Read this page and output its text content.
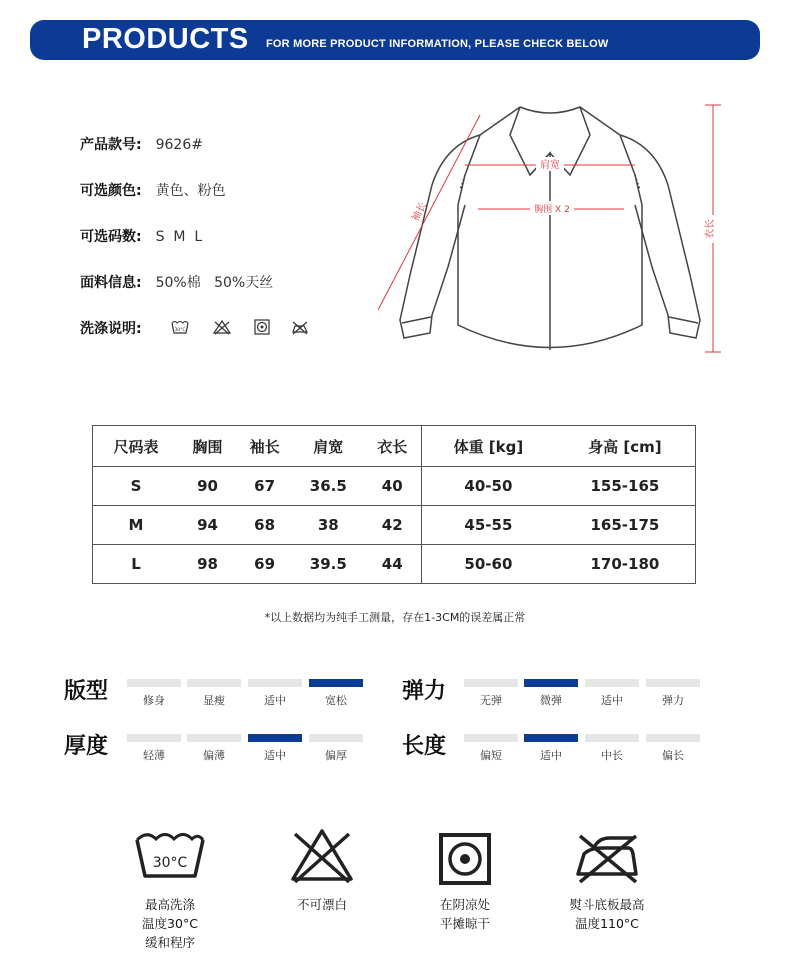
PRODUCTS FOR MORE PRODUCT INFORMATION, PLEASE CHECK BELOW
产品款号: 9626#
可选颜色: 黄色、粉色
可选码数: S  M  L
面料信息: 50%棉   50%天丝
洗涤说明:	30°C
肩宽
胸围 X 2
袖长
衣长
尺码表	胸围	袖长	肩宽	衣长	体重 [kg]	身高 [cm]
S	90	67	36.5	40	40-50	155-165
M	94	68	38	42	45-55	165-175
L	98	69	39.5	44	50-60	170-180
*以上数据均为纯手工测量，存在1-3CM的误差属正常
版型	修身	显瘦	适中	宽松	弹力	无弹	微弹	适中	弹力
厚度	轻薄	偏薄	适中	偏厚	长度	偏短	适中	中长	偏长
30°C
最高洗涤
温度30°C
缓和程序
不可漂白	在阴凉处
平摊晾干
熨斗底板最高
温度110°C
